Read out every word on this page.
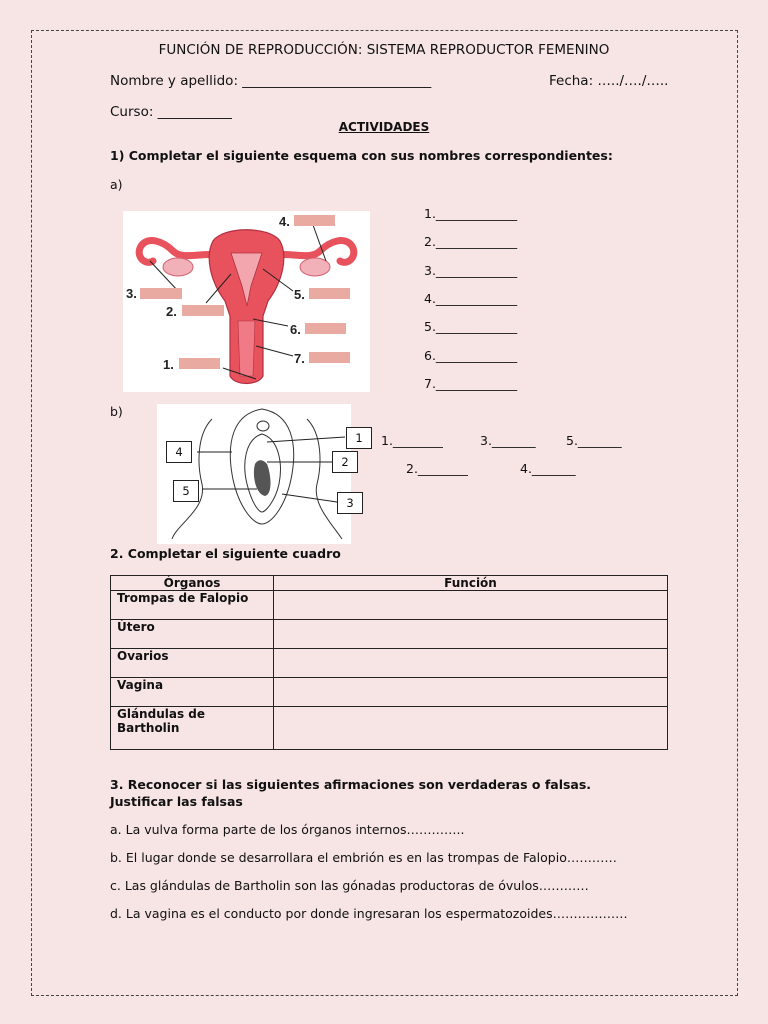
FUNCIÓN DE REPRODUCCIÓN: SISTEMA REPRODUCTOR FEMENINO
Nombre y apellido: ____________________________	Fecha: …../…./…..
Curso: ___________
ACTIVIDADES
1) Completar el siguiente esquema con sus nombres correspondientes:
a)
4.
3.
2.
5.
6.
7.
1.
1._____________
2._____________
3._____________
4._____________
5._____________
6._____________
7._____________
b)
1
2
3
4
5
1.________	3._______ 5._______
2.________	4._______
2. Completar el siguiente cuadro
Órganos	Función
Trompas de Falopio	
Útero	
Ovarios	
Vagina	
Glándulas de Bartholin	
3. Reconocer si las siguientes afirmaciones son verdaderas o falsas.
Justificar las falsas
a. La vulva forma parte de los órganos internos…………..
b. El lugar donde se desarrollara el embrión es en las trompas de Falopio…………
c. Las glándulas de Bartholin son las gónadas productoras de óvulos…………
d. La vagina es el conducto por donde ingresaran los espermatozoides………………
